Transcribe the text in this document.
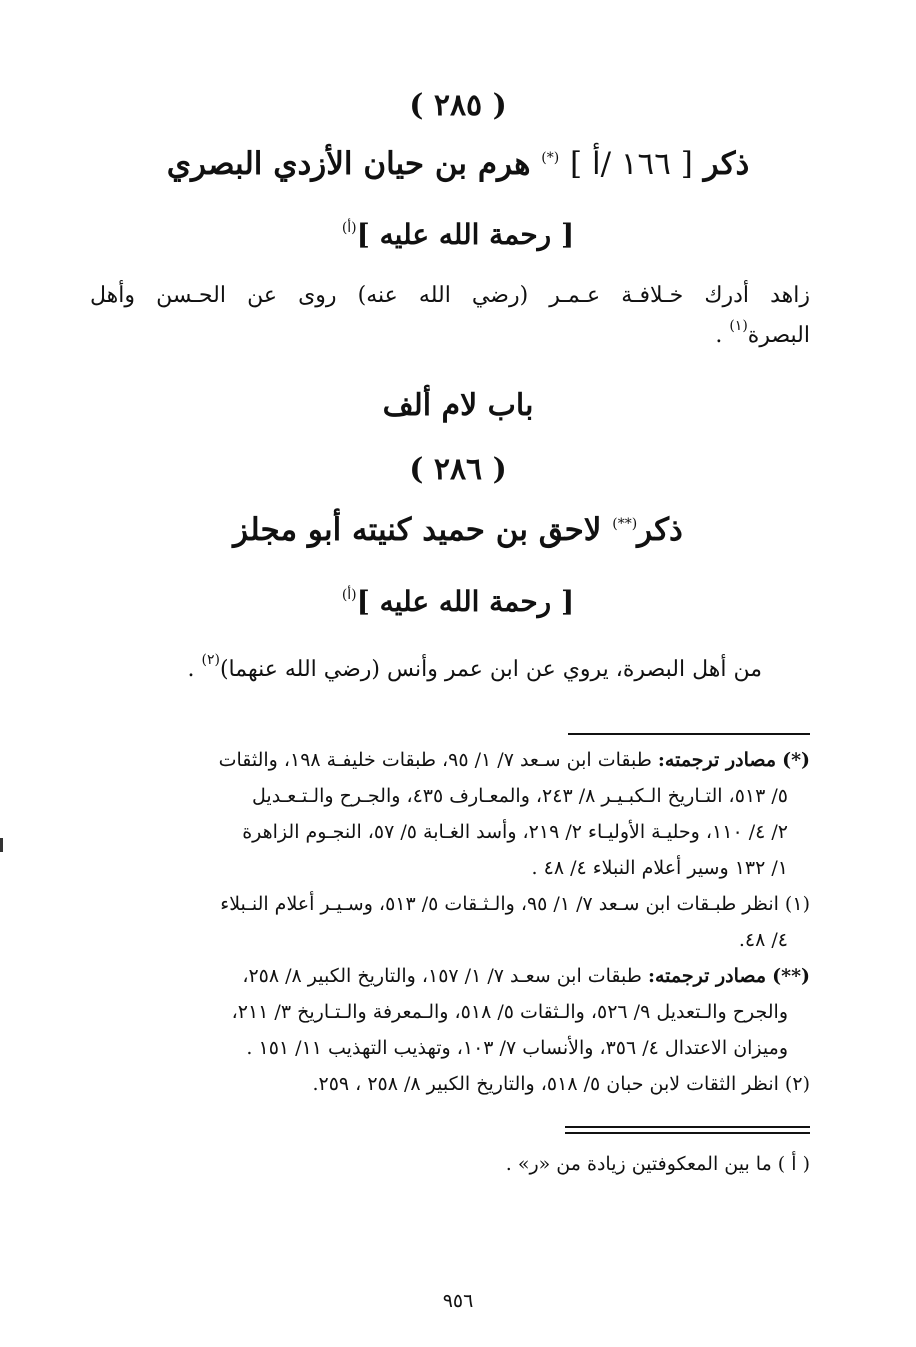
( ٢٨٥ )
ذكر [ ١٦٦ /أ ] (*) هرم بن حيان الأزدي البصري
[ رحمة الله عليه ]$^{(أ)}$
زاهد أدرك خـلافـة عـمـر (رضي الله عنه) روى عن الحـسن وأهل
البصرة$^{(١)}$ .
باب لام ألف
( ٢٨٦ )
ذكر(**) لاحق بن حميد كنيته أبو مجلز
[ رحمة الله عليه ]$^{(أ)}$
من أهل البصرة، يروي عن ابن عمر وأنس (رضي الله عنهما)$^{(٢)}$ .
(*) مصادر ترجمته: طبقات ابن سـعد ٧/ ١/ ٩٥، طبقات خليفـة ١٩٨، والثقات
٥/ ٥١٣، التـاريخ الـكبـيـر ٨/ ٢٤٣، والمعـارف ٤٣٥، والجـرح والـتـعـديل
٢/ ٤/ ١١٠، وحليـة الأوليـاء ٢/ ٢١٩، وأسد الغـابة ٥/ ٥٧، النجـوم الزاهرة
١/ ١٣٢ وسير أعلام النبلاء ٤/ ٤٨ .
(١) انظر طبـقات ابن سـعد ٧/ ١/ ٩٥، والـثـقات ٥/ ٥١٣، وسـيـر أعلام النـبلاء
٤/ ٤٨.
(**) مصادر ترجمته: طبقات ابن سعـد ٧/ ١/ ١٥٧، والتاريخ الكبير ٨/ ٢٥٨،
والجرح والـتعديل ٩/ ٥٢٦، والـثقات ٥/ ٥١٨، والـمعرفة والـتـاريخ ٣/ ٢١١،
وميزان الاعتدال ٤/ ٣٥٦، والأنساب ٧/ ١٠٣، وتهذيب التهذيب ١١/ ١٥١ .
(٢) انظر الثقات لابن حبان ٥/ ٥١٨، والتاريخ الكبير ٨/ ٢٥٨ ، ٢٥٩.
( أ ) ما بين المعكوفتين زيادة من «ر» .
٩٥٦
